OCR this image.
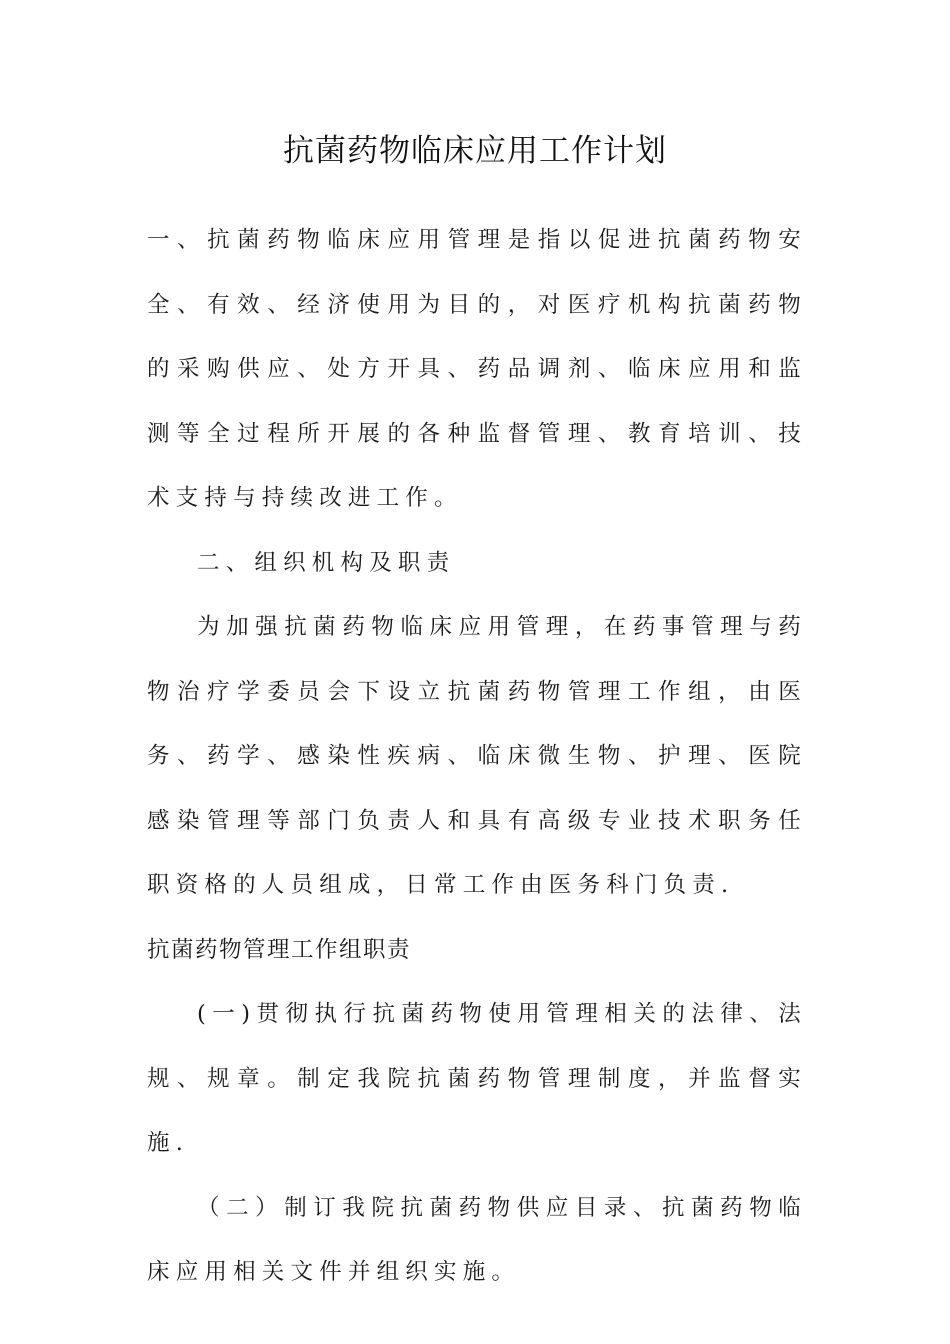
抗菌药物临床应用工作计划

一、抗菌药物临床应用管理是指以促进抗菌药物安全、有效、经济使用为目的，对医疗机构抗菌药物的采购供应、处方开具、药品调剂、临床应用和监测等全过程所开展的各种监督管理、教育培训、技术支持与持续改进工作。

二、组织机构及职责

为加强抗菌药物临床应用管理，在药事管理与药物治疗学委员会下设立抗菌药物管理工作组，由医务、药学、感染性疾病、临床微生物、护理、医院感染管理等部门负责人和具有高级专业技术职务任职资格的人员组成，日常工作由医务科门负责.

抗菌药物管理工作组职责

(一)贯彻执行抗菌药物使用管理相关的法律、法规、规章。制定我院抗菌药物管理制度，并监督实施.

（二）制订我院抗菌药物供应目录、抗菌药物临床应用相关文件并组织实施。
